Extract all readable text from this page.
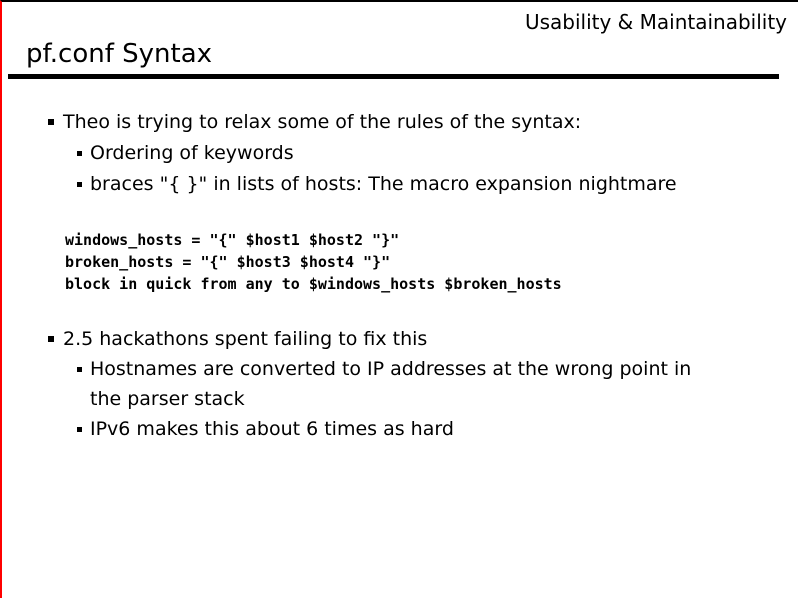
Usability & Maintainability
pf.conf Syntax
Theo is trying to relax some of the rules of the syntax:
Ordering of keywords
braces "{ }" in lists of hosts: The macro expansion nightmare
windows_hosts = "{" $host1 $host2 "}"
broken_hosts = "{" $host3 $host4 "}"
block in quick from any to $windows_hosts $broken_hosts
2.5 hackathons spent failing to fix this
Hostnames are converted to IP addresses at the wrong point in
the parser stack
IPv6 makes this about 6 times as hard
